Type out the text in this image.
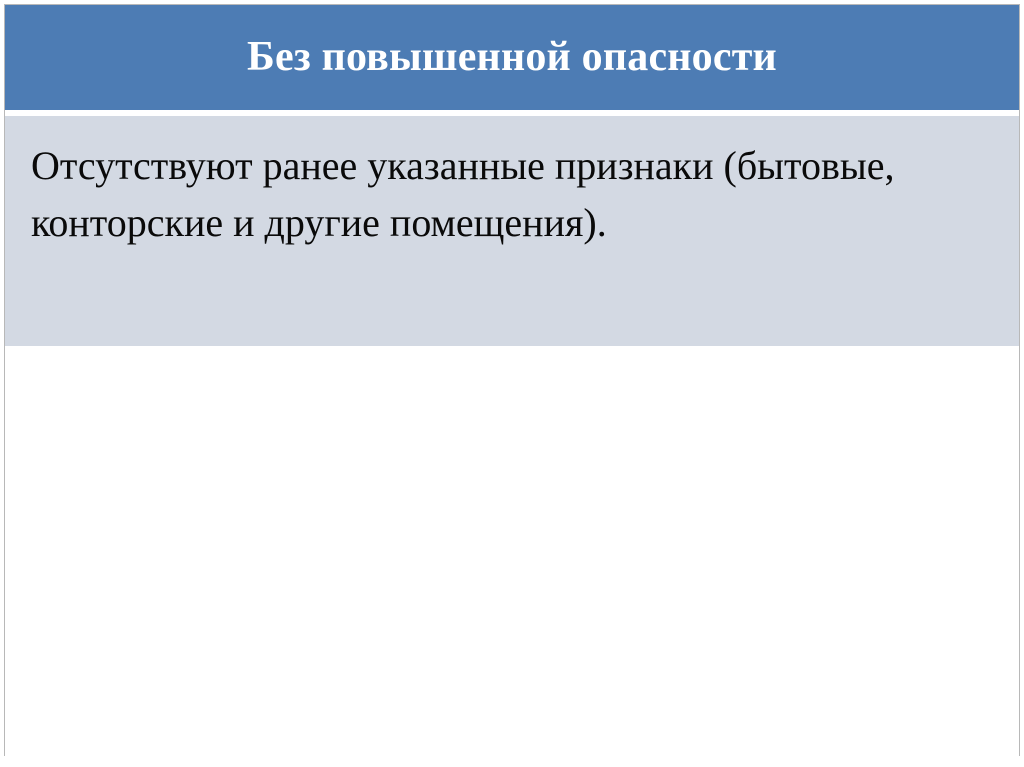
Без повышенной опасности
Отсутствуют ранее указанные признаки (бытовые, конторские и другие помещения).
